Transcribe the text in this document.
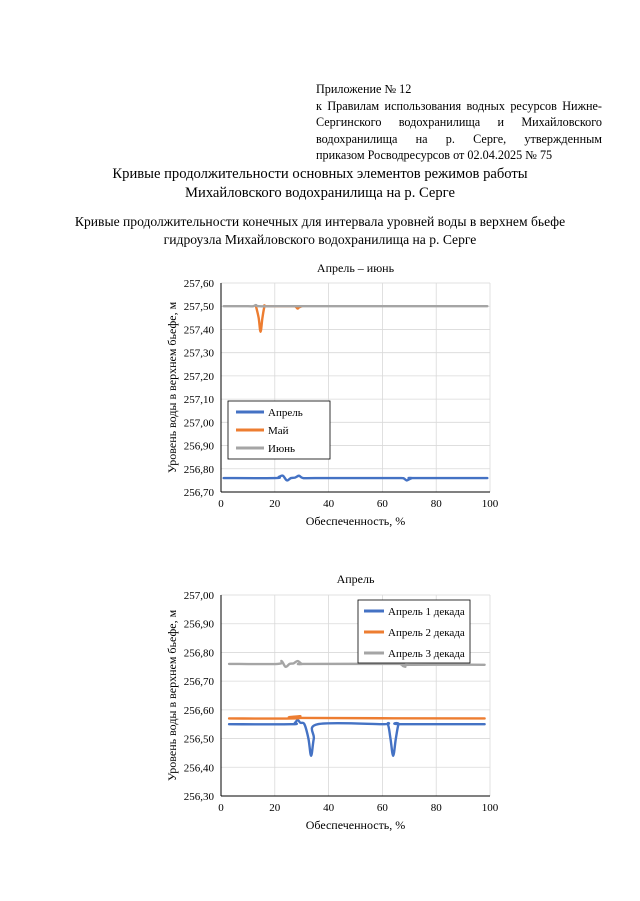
Приложение № 12
к Правилам использования водных ресурсов Нижне-
Сергинского водохранилища и Михайловского
водохранилища на р. Серге, утвержденным
приказом Росводресурсов от 02.04.2025 № 75
Кривые продолжительности основных элементов режимов работы
Михайловского водохранилища на р. Серге
Кривые продолжительности конечных для интервала уровней воды в верхнем бьефе
гидроузла Михайловского водохранилища на р. Серге
Апрель – июнь
257,60
257,50
257,40
257,30
257,20
257,10
257,00
256,90
256,80
256,70
0	20	40	60	80	100
Обеспеченность, %
Уровень воды в верхнем бьефе, м	Апрель
Май
Июнь
Апрель
257,00
256,90
256,80
256,70
256,60
256,50
256,40
256,30
0	20	40	60	80	100
Обеспеченность, %
Уровень воды в верхнем бьефе, м	Апрель 1 декада
Апрель 2 декада
Апрель 3 декада
